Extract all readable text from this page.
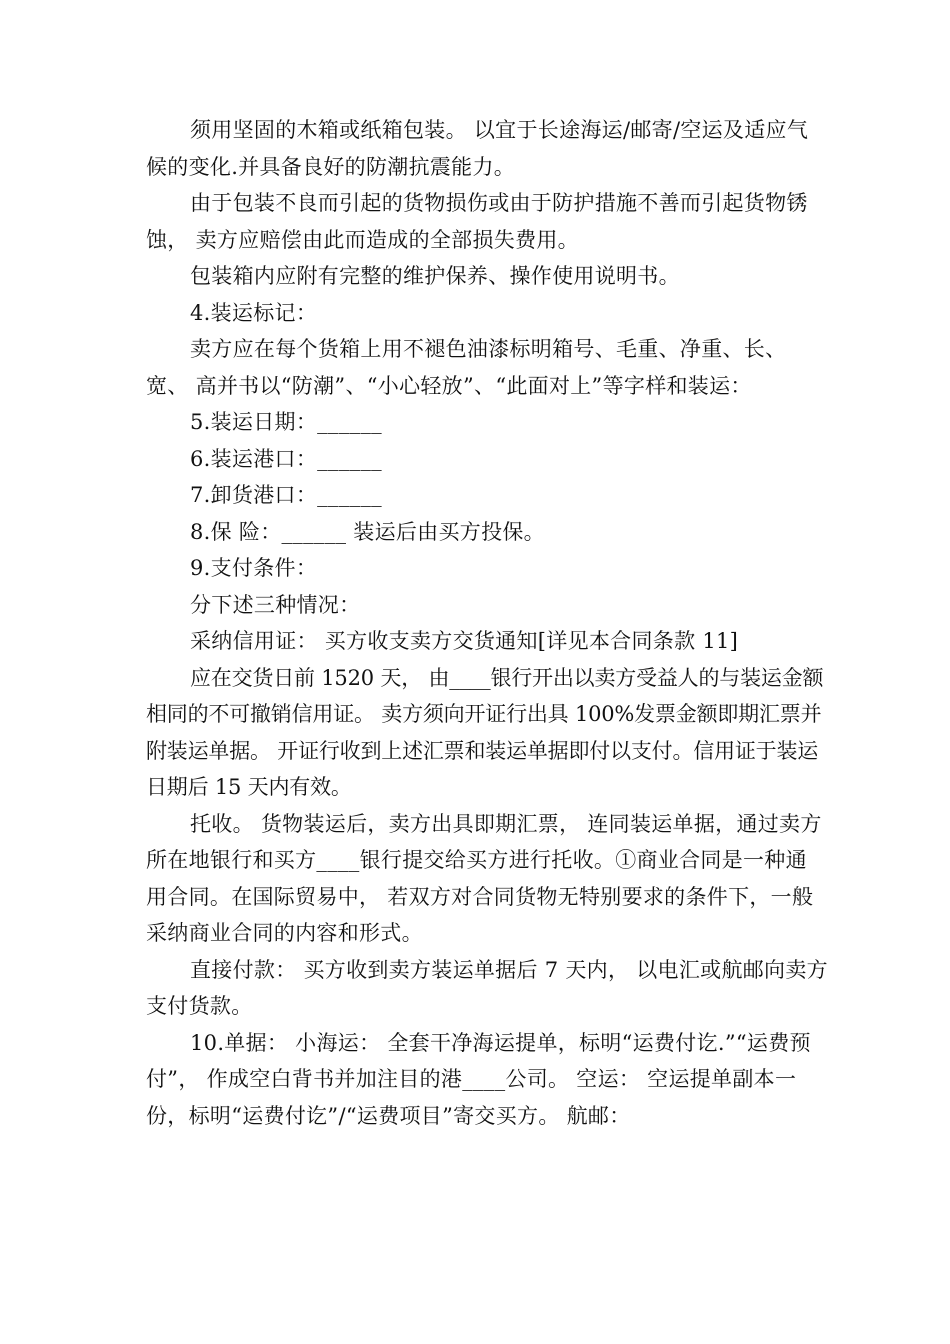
须用坚固的木箱或纸箱包装。 以宜于长途海运/邮寄/空运及适应气候的变化.并具备良好的防潮抗震能力。

由于包装不良而引起的货物损伤或由于防护措施不善而引起货物锈蚀， 卖方应赔偿由此而造成的全部损失费用。

包装箱内应附有完整的维护保养、操作使用说明书。

4.装运标记：

卖方应在每个货箱上用不褪色油漆标明箱号、毛重、净重、长、宽、 高并书以“防潮”、“小心轻放”、“此面对上”等字样和装运：

5.装运日期：______

6.装运港口：______

7.卸货港口：______

8.保 险：______ 装运后由买方投保。

9.支付条件：

分下述三种情况：

采纳信用证： 买方收支卖方交货通知[详见本合同条款 11]

应在交货日前 1520 天， 由____银行开出以卖方受益人的与装运金额相同的不可撤销信用证。 卖方须向开证行出具 100%发票金额即期汇票并附装运单据。 开证行收到上述汇票和装运单据即付以支付。信用证于装运日期后 15 天内有效。

托收。 货物装运后，卖方出具即期汇票， 连同装运单据，通过卖方所在地银行和买方____银行提交给买方进行托收。①商业合同是一种通用合同。在国际贸易中， 若双方对合同货物无特别要求的条件下，一般采纳商业合同的内容和形式。

直接付款： 买方收到卖方装运单据后 7 天内， 以电汇或航邮向卖方支付货款。

10.单据： 小海运： 全套干净海运提单，标明“运费付讫.”“运费预付”， 作成空白背书并加注目的港____公司。 空运： 空运提单副本一份，标明“运费付讫”/“运费项目”寄交买方。 航邮：
